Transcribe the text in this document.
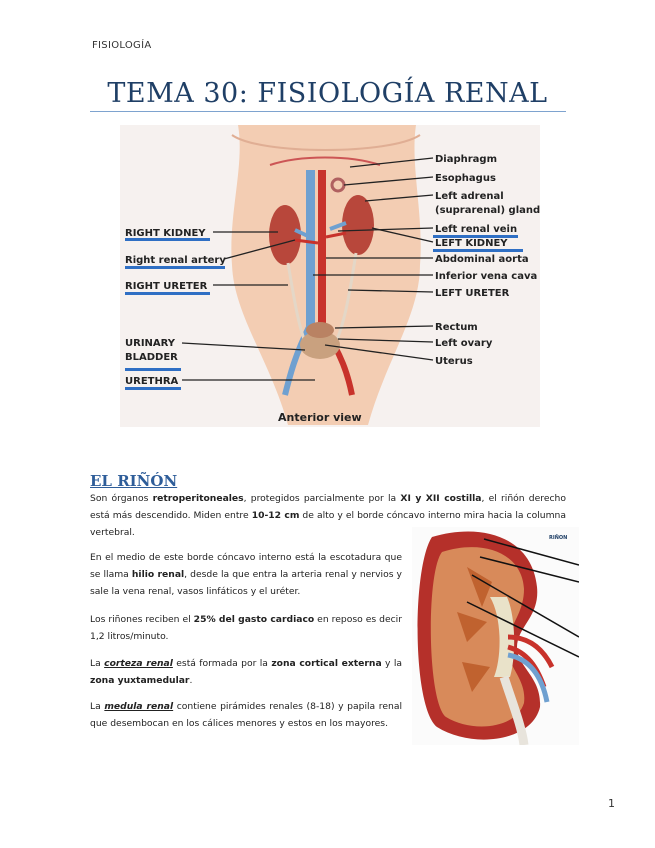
FISIOLOGÍA
TEMA 30: FISIOLOGÍA RENAL
RIGHT KIDNEY
Right renal artery
RIGHT URETER
URINARY
BLADDER
URETHRA
Diaphragm
Esophagus
Left adrenal
(suprarenal) gland
Left renal vein
LEFT KIDNEY
Abdominal aorta
Inferior vena cava
LEFT URETER
Rectum
Left ovary
Uterus
Anterior view
EL RIÑÓN
Son órganos retroperitoneales, protegidos parcialmente por la XI y XII costilla, el riñón derecho está más descendido. Miden entre 10-12 cm de alto y el borde cóncavo interno mira hacia la columna vertebral.
En el medio de este borde cóncavo interno está la escotadura que se llama hilio renal, desde la que entra la arteria renal y nervios y sale la vena renal, vasos linfáticos y el uréter.
Los riñones reciben el 25% del gasto cardiaco en reposo es decir 1,2 litros/minuto.
La corteza renal está formada por la zona cortical externa y la zona yuxtamedular.
La medula renal contiene pirámides renales (8-18) y papila renal que desembocan en los cálices menores y estos en los mayores.
RIÑON
1
